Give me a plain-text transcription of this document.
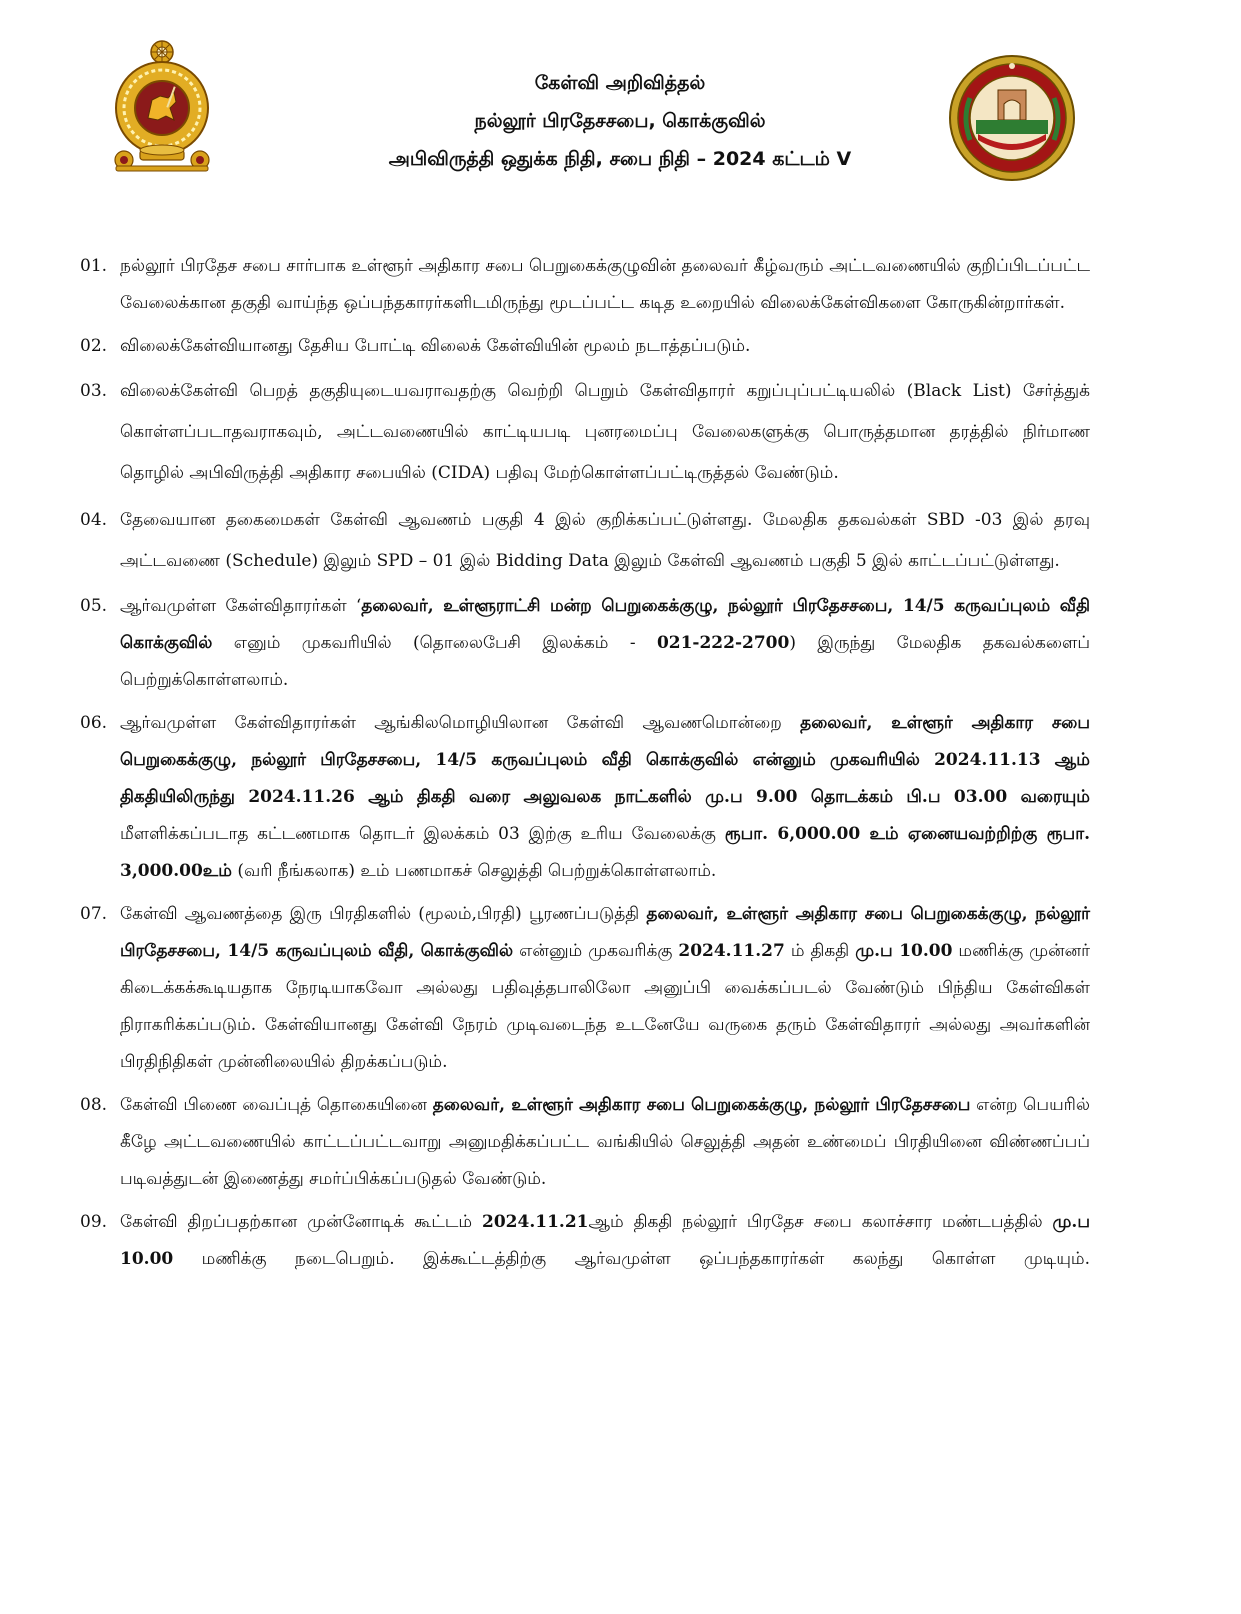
கேள்வி அறிவித்தல்
நல்லூர் பிரதேசசபை, கொக்குவில்
அபிவிருத்தி ஒதுக்க நிதி, சபை நிதி – 2024 கட்டம் V
01. நல்லூர் பிரதேச சபை சார்பாக உள்ளூர் அதிகார சபை பெறுகைக்குழுவின் தலைவர் கீழ்வரும் அட்டவணையில் குறிப்பிடப்பட்ட வேலைக்கான தகுதி வாய்ந்த ஒப்பந்தகாரர்களிடமிருந்து மூடப்பட்ட கடித உறையில் விலைக்கேள்விகளை கோருகின்றார்கள்.

02. விலைக்கேள்வியானது தேசிய போட்டி விலைக் கேள்வியின் மூலம் நடாத்தப்படும்.

03. விலைக்கேள்வி பெறத் தகுதியுடையவராவதற்கு வெற்றி பெறும் கேள்விதாரர் கறுப்புப்பட்டியலில் (Black List) சேர்த்துக் கொள்ளப்படாதவராகவும், அட்டவணையில் காட்டியபடி புனரமைப்பு வேலைகளுக்கு பொருத்தமான தரத்தில் நிர்மாண தொழில் அபிவிருத்தி அதிகார சபையில் (CIDA) பதிவு மேற்கொள்ளப்பட்டிருத்தல் வேண்டும்.

04. தேவையான தகைமைகள் கேள்வி ஆவணம் பகுதி 4 இல் குறிக்கப்பட்டுள்ளது. மேலதிக தகவல்கள் SBD -03 இல் தரவு அட்டவணை (Schedule) இலும் SPD – 01 இல் Bidding Data இலும் கேள்வி ஆவணம் பகுதி 5 இல் காட்டப்பட்டுள்ளது.

05. ஆர்வமுள்ள கேள்விதாரர்கள் ‘தலைவர், உள்ளூராட்சி மன்ற பெறுகைக்குழு, நல்லூர் பிரதேசசபை, 14/5 கருவப்புலம் வீதி கொக்குவில் எனும் முகவரியில் (தொலைபேசி இலக்கம் - 021-222-2700) இருந்து மேலதிக தகவல்களைப் பெற்றுக்கொள்ளலாம்.

06. ஆர்வமுள்ள கேள்விதாரர்கள் ஆங்கிலமொழியிலான கேள்வி ஆவணமொன்றை தலைவர், உள்ளூர் அதிகார சபை பெறுகைக்குழு, நல்லூர் பிரதேசசபை, 14/5 கருவப்புலம் வீதி கொக்குவில் என்னும் முகவரியில் 2024.11.13 ஆம் திகதியிலிருந்து 2024.11.26 ஆம் திகதி வரை அலுவலக நாட்களில் மு.ப 9.00 தொடக்கம் பி.ப 03.00 வரையும் மீளளிக்கப்படாத கட்டணமாக தொடர் இலக்கம் 03 இற்கு உரிய வேலைக்கு ரூபா. 6,000.00 உம் ஏனையவற்றிற்கு ரூபா. 3,000.00உம் (வரி நீங்கலாக) உம் பணமாகச் செலுத்தி பெற்றுக்கொள்ளலாம்.

07. கேள்வி ஆவணத்தை இரு பிரதிகளில் (மூலம்,பிரதி) பூரணப்படுத்தி தலைவர், உள்ளூர் அதிகார சபை பெறுகைக்குழு, நல்லூர் பிரதேசசபை, 14/5 கருவப்புலம் வீதி, கொக்குவில் என்னும் முகவரிக்கு 2024.11.27 ம் திகதி மு.ப 10.00 மணிக்கு முன்னர் கிடைக்கக்கூடியதாக நேரடியாகவோ அல்லது பதிவுத்தபாலிலோ அனுப்பி வைக்கப்படல் வேண்டும் பிந்திய கேள்விகள் நிராகரிக்கப்படும். கேள்வியானது கேள்வி நேரம் முடிவடைந்த உடனேயே வருகை தரும் கேள்விதாரர் அல்லது அவர்களின் பிரதிநிதிகள் முன்னிலையில் திறக்கப்படும்.

08. கேள்வி பிணை வைப்புத் தொகையினை தலைவர், உள்ளூர் அதிகார சபை பெறுகைக்குழு, நல்லூர் பிரதேசசபை என்ற பெயரில் கீழே அட்டவணையில் காட்டப்பட்டவாறு அனுமதிக்கப்பட்ட வங்கியில் செலுத்தி அதன் உண்மைப் பிரதியினை விண்ணப்பப் படிவத்துடன் இணைத்து சமர்ப்பிக்கப்படுதல் வேண்டும்.

09. கேள்வி திறப்பதற்கான முன்னோடிக் கூட்டம் 2024.11.21ஆம் திகதி நல்லூர் பிரதேச சபை கலாச்சார மண்டபத்தில் மு.ப 10.00 மணிக்கு நடைபெறும். இக்கூட்டத்திற்கு ஆர்வமுள்ள ஒப்பந்தகாரர்கள் கலந்து கொள்ள முடியும்.
